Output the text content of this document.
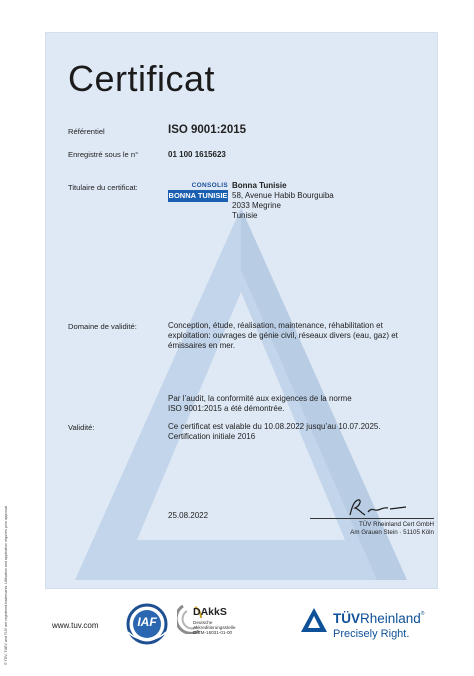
Certificat
Référentiel	ISO 9001:2015
Enregistré sous le n°	01 100 1615623
Titulaire du certificat:	CONSOLIS
BONNA TUNISIE
Bonna Tunisie
58, Avenue Habib Bourguiba
2033 Megrine
Tunisie
Domaine de validité:	Conception, étude, réalisation, maintenance, réhabilitation et
exploitation: ouvrages de génie civil, réseaux divers (eau, gaz) et
émissaires en mer.
Par l’audit, la conformité aux exigences de la norme
ISO 9001:2015 a été démontrée.
Validité:	Ce certificat est valable du 10.08.2022 jusqu’au 10.07.2025.
Certification initiale 2016
25.08.2022
TÜV Rheinland Cert GmbH
Am Grauen Stein · 51105 Köln
www.tuv.com	IAF
DAkkS
Deutsche
Akkreditierungsstelle
D-ZM-16031-01-00
TÜVRheinland®
Precisely Right.
® TÜV, TUEV and TUV are registered trademarks. Utilisation and application requires prior approval.
